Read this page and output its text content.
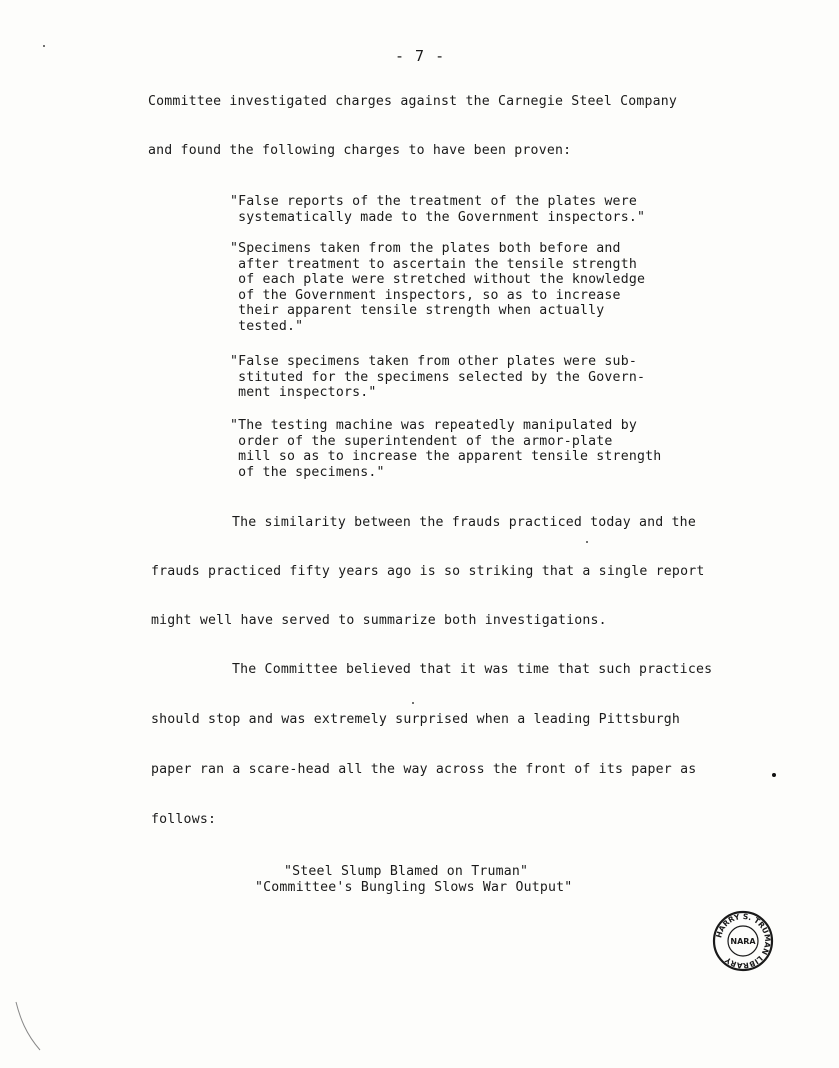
- 7 -
Committee investigated charges against the Carnegie Steel Company
and found the following charges to have been proven:
"False reports of the treatment of the plates were
systematically made to the Government inspectors."
"Specimens taken from the plates both before and
after treatment to ascertain the tensile strength
of each plate were stretched without the knowledge
of the Government inspectors, so as to increase
their apparent tensile strength when actually
tested."
"False specimens taken from other plates were sub-
stituted for the specimens selected by the Govern-
ment inspectors."
"The testing machine was repeatedly manipulated by
order of the superintendent of the armor-plate
mill so as to increase the apparent tensile strength
of the specimens."
The similarity between the frauds practiced today and the
frauds practiced fifty years ago is so striking that a single report
might well have served to summarize both investigations.
The Committee believed that it was time that such practices
should stop and was extremely surprised when a leading Pittsburgh
paper ran a scare-head all the way across the front of its paper as
follows:
"Steel Slump Blamed on Truman"
"Committee's Bungling Slows War Output"
HARRY S. TRUMAN LIBRARY
NARA
